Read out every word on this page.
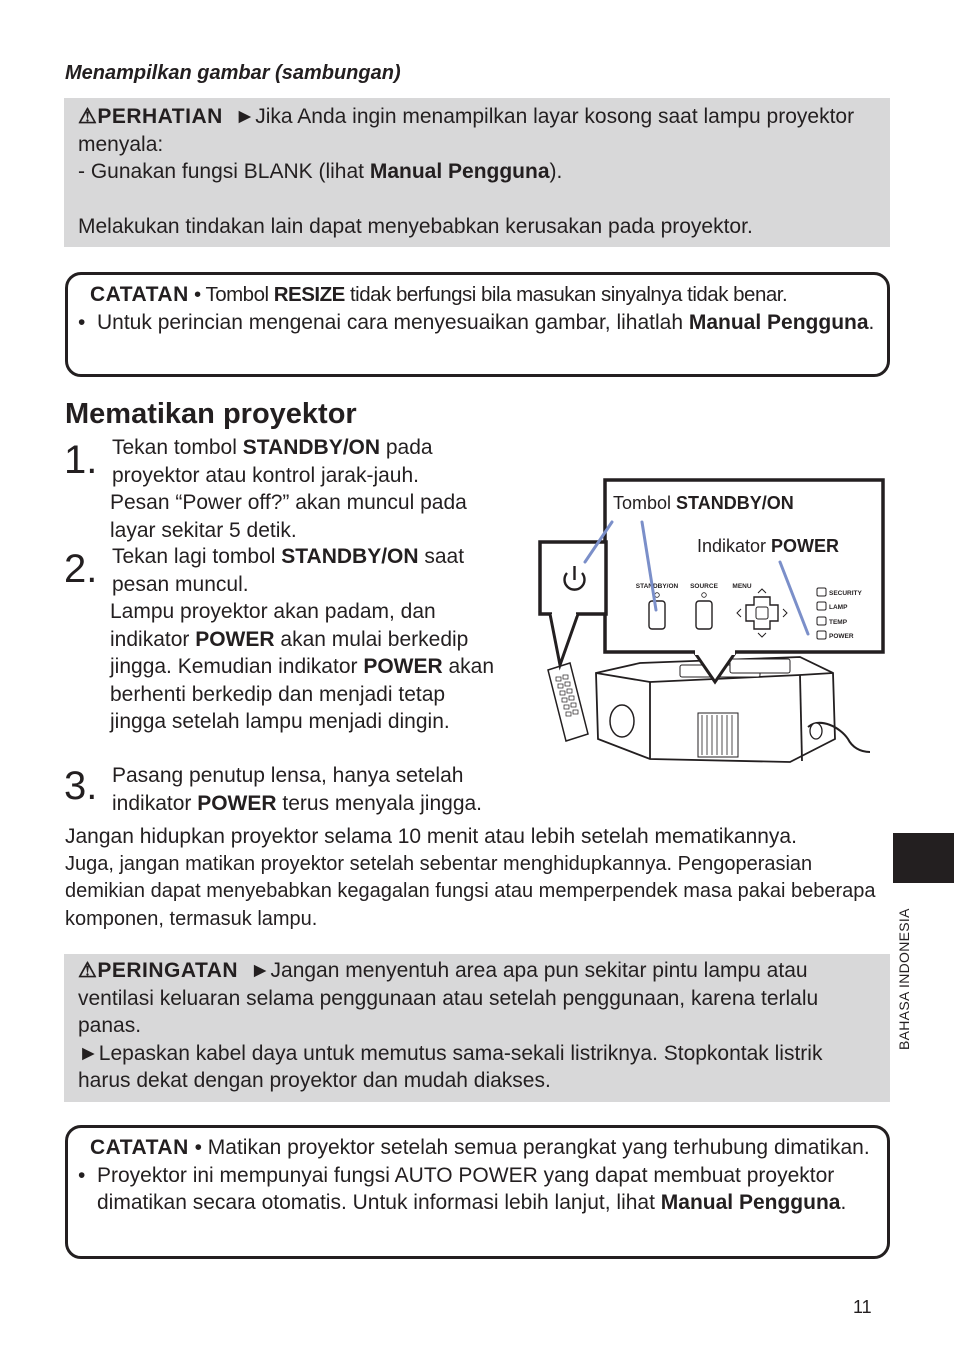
Menampilkan gambar (sambungan)
⚠PERHATIAN ►Jika Anda ingin menampilkan layar kosong saat lampu proyektor menyala:
- Gunakan fungsi BLANK (lihat Manual Pengguna).
Melakukan tindakan lain dapat menyebabkan kerusakan pada proyektor.
CATATAN • Tombol RESIZE tidak berfungsi bila masukan sinyalnya tidak benar.
• Untuk perincian mengenai cara menyesuaikan gambar, lihatlah Manual Pengguna.
Mematikan proyektor
1. Tekan tombol STANDBY/ON pada proyektor atau kontrol jarak-jauh.
Pesan “Power off?” akan muncul pada layar sekitar 5 detik.
2. Tekan lagi tombol STANDBY/ON saat pesan muncul.
Lampu proyektor akan padam, dan indikator POWER akan mulai berkedip jingga. Kemudian indikator POWER akan berhenti berkedip dan menjadi tetap jingga setelah lampu menjadi dingin.
3. Pasang penutup lensa, hanya setelah indikator POWER terus menyala jingga.
STANDBY/ON SOURCE MENU
SECURITY
LAMP
TEMP
POWER
Tombol STANDBY/ON
Indikator POWER
Jangan hidupkan proyektor selama 10 menit atau lebih setelah mematikannya.
Juga, jangan matikan proyektor setelah sebentar menghidupkannya. Pengoperasian demikian dapat menyebabkan kegagalan fungsi atau memperpendek masa pakai beberapa komponen, termasuk lampu.
⚠PERINGATAN ►Jangan menyentuh area apa pun sekitar pintu lampu atau ventilasi keluaran selama penggunaan atau setelah penggunaan, karena terlalu panas.
►Lepaskan kabel daya untuk memutus sama-sekali listriknya. Stopkontak listrik harus dekat dengan proyektor dan mudah diakses.
CATATAN • Matikan proyektor setelah semua perangkat yang terhubung dimatikan.
• Proyektor ini mempunyai fungsi AUTO POWER yang dapat membuat proyektor dimatikan secara otomatis. Untuk informasi lebih lanjut, lihat Manual Pengguna.
BAHASA INDONESIA
11
